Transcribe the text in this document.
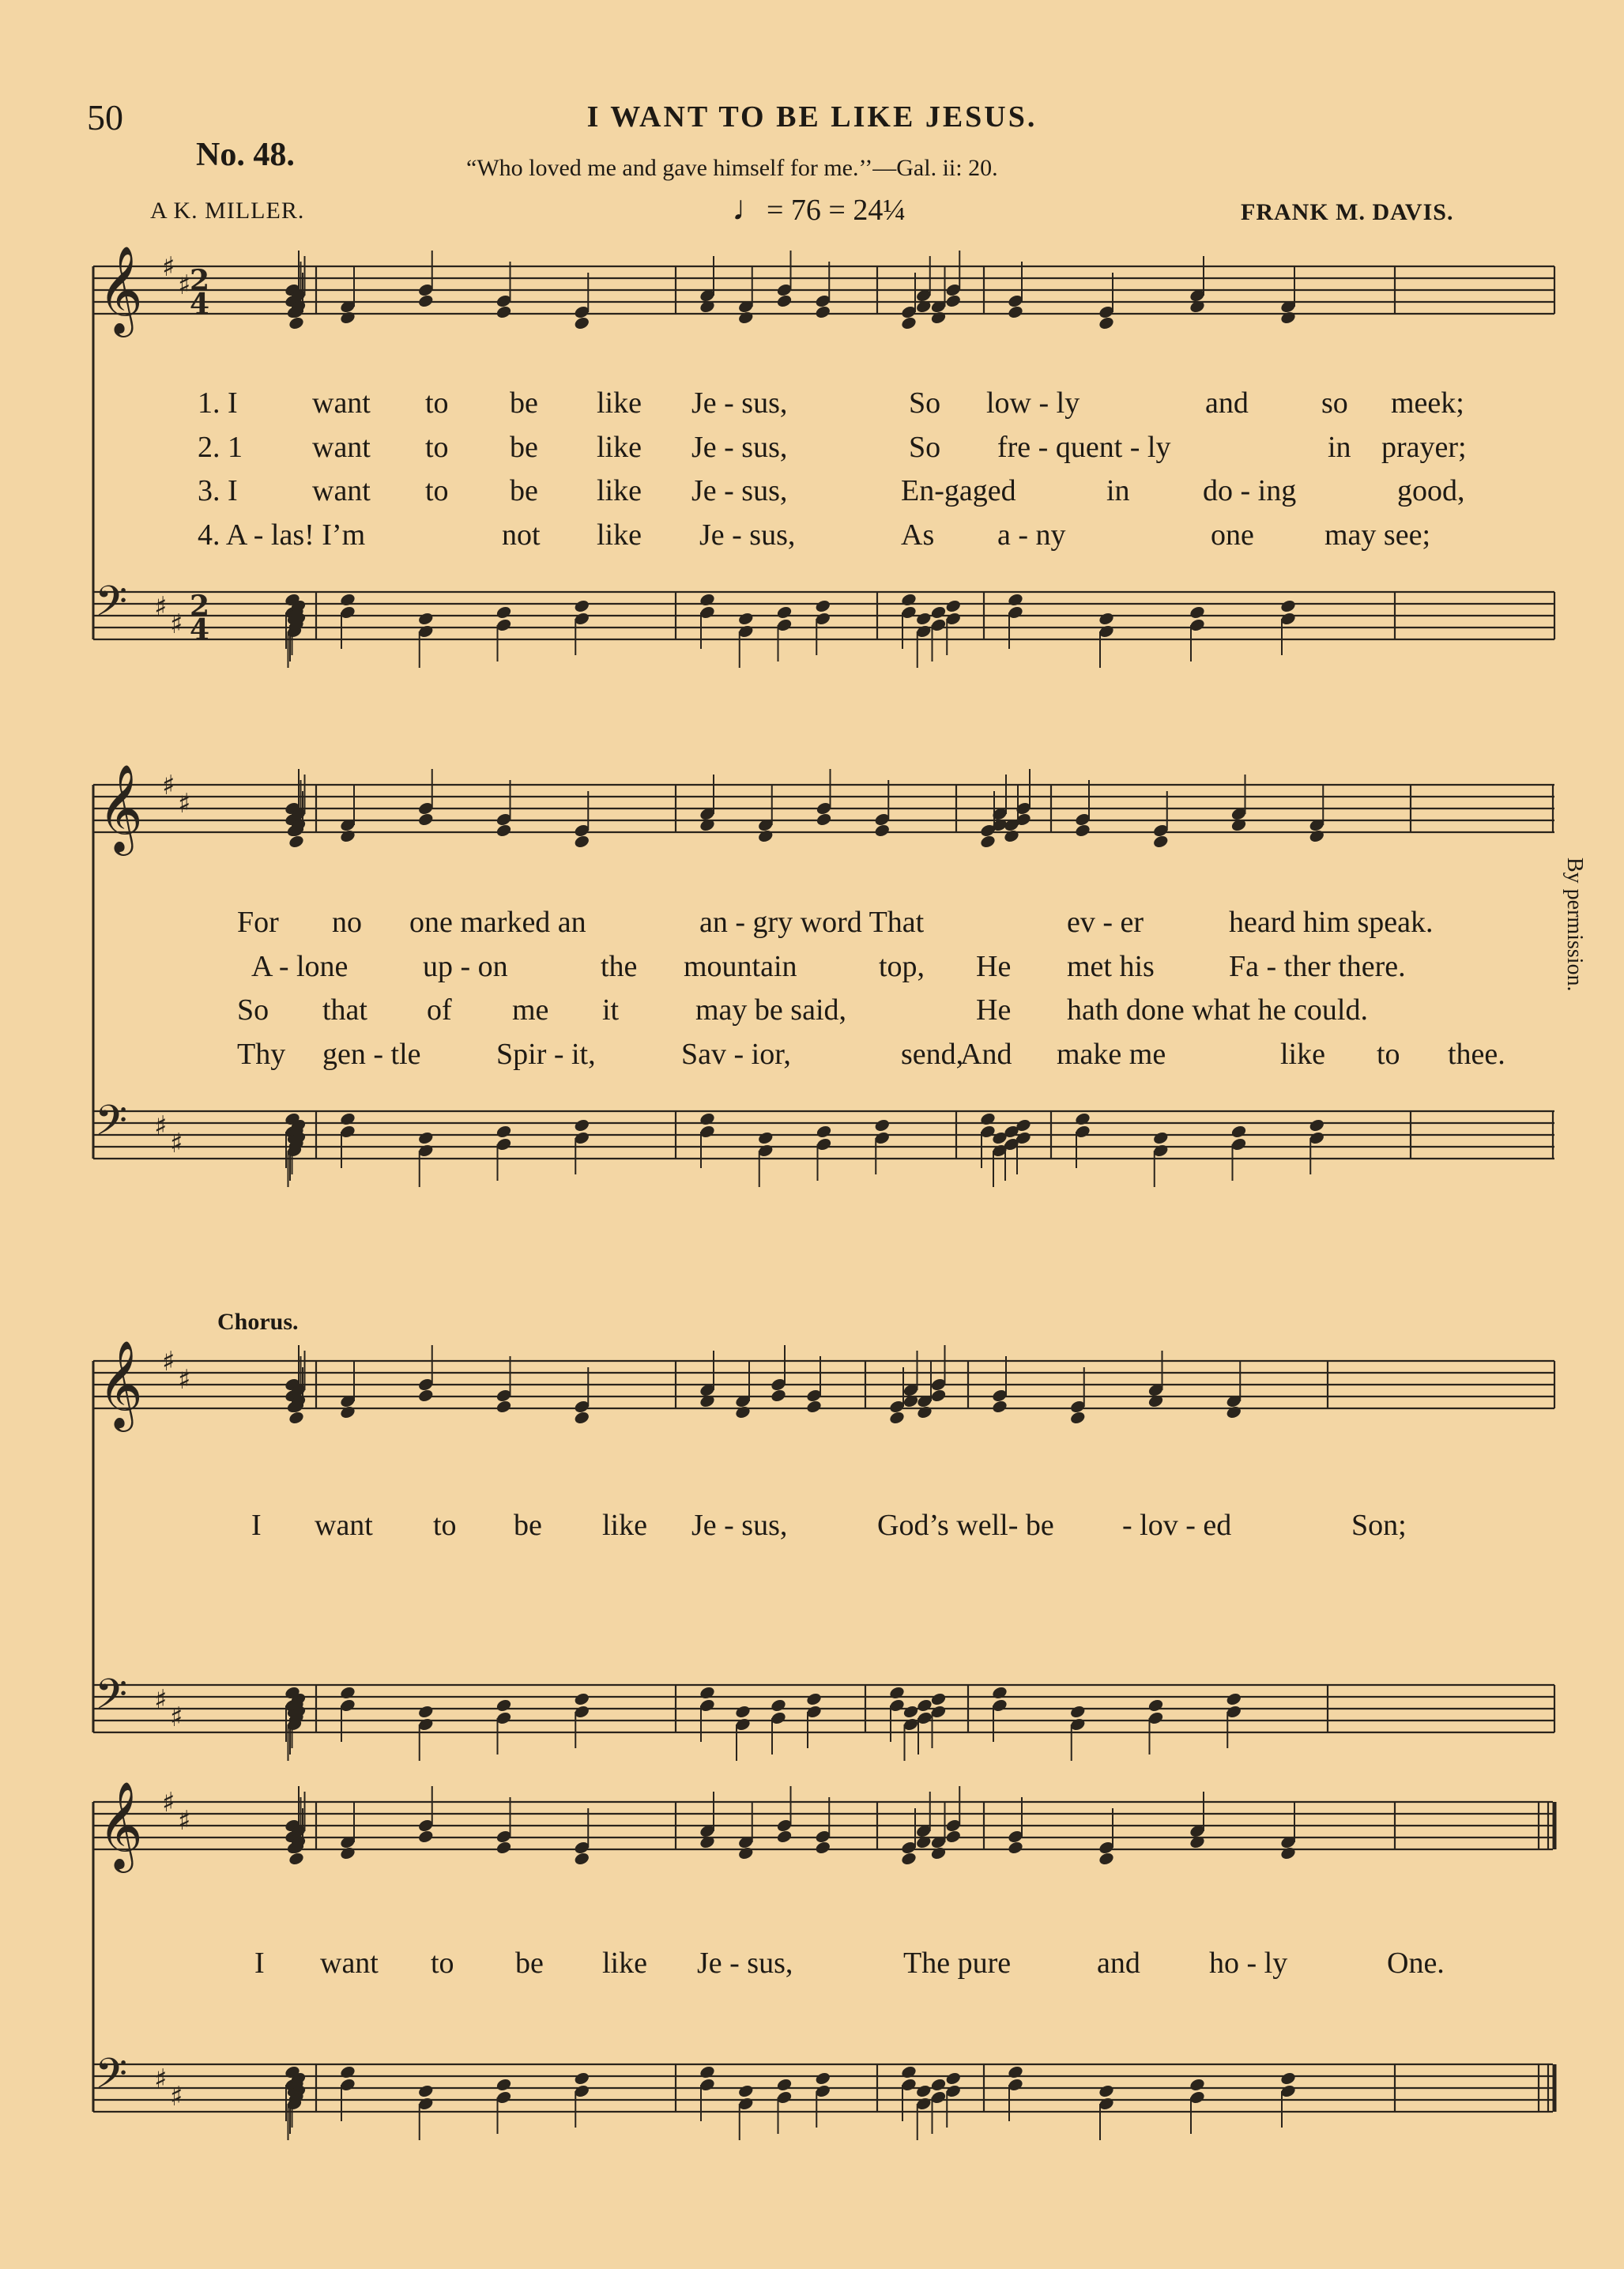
50	I WANT TO BE LIKE JESUS.
No. 48.	“Who loved me and gave himself for me.’’—Gal. ii: 20.
A K. MILLER.	♩= 76 = 24¼	FRANK M. DAVIS.
By permission.
Chorus.
𝄞 ♯
♯
2
4
𝄢 ♯
♯
2
4
𝄞 ♯
♯
𝄢 ♯
♯
𝄞 ♯
♯
𝄢 ♯
♯
𝄞 ♯
♯
𝄢 ♯
♯
1. I want to be like Je - sus,	So low - ly	and so meek;
2. 1 want to be like Je - sus,	So fre - quent - ly	in prayer;
3. I want to be like Je - sus,	En-gaged	in do - ing	good,
4. A - las! I’m	not like Je - sus,	As a - ny	one may see;
For no one marked an	an - gry word That	ev - er	heard him speak.
A - lone up - on	the mountain	top, He met his Fa - ther there.
So that of me it	may be said,	He hath done what he could.
Thy gen - tle	Spir - it,	Sav - ior,	send,
And make me	like to thee.
I want to be like Je - sus,	God’s well- be - lov - ed	Son;
I want to be like Je - sus,	The pure	and ho - ly	One.
